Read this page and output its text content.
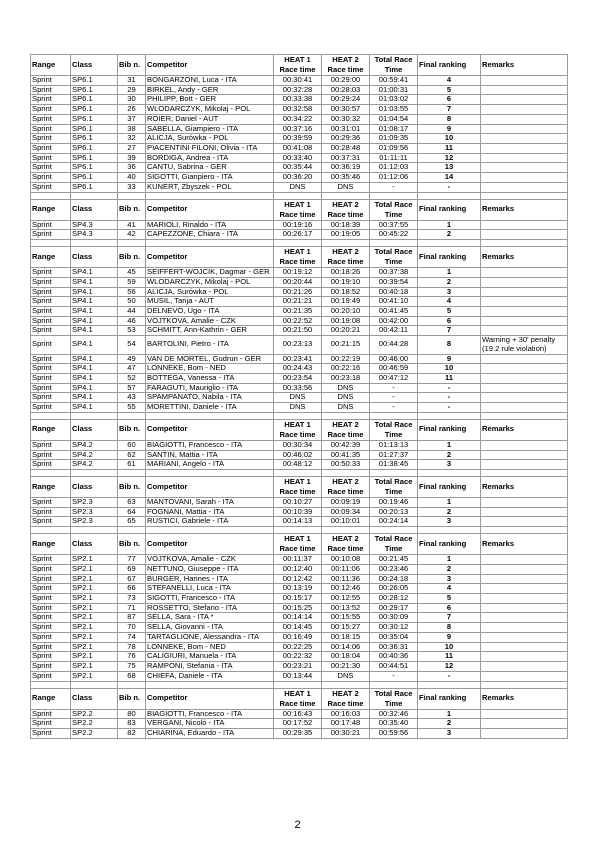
Range	Class	Bib n.	Competitor	HEAT 1 Race time	HEAT 2 Race time	Total Race Time	Final ranking	Remarks
Sprint	SP6.1	31	BONGARZONI, Luca - ITA	00:30:41	00:29:00	00:59:41	4	
Sprint	SP6.1	29	BIRKEL, Andy - GER	00:32:28	00:28:03	01:00:31	5	
Sprint	SP6.1	30	PHILIPP, Bott - GER	00:33:38	00:29:24	01:03:02	6	
Sprint	SP6.1	26	WLODARCZYK, Mikolaj - POL	00:32:58	00:30:57	01:03:55	7	
Sprint	SP6.1	37	ROIER, Daniel - AUT	00:34:22	00:30:32	01:04:54	8	
Sprint	SP6.1	38	SABELLA, Giampiero - ITA	00:37:16	00:31:01	01:08:17	9	
Sprint	SP6.1	32	ALICJA, Surówka - POL	00:39:59	00:29:36	01:09:35	10	
Sprint	SP6.1	27	PIACENTINI FILONI, Olivia - ITA	00:41:08	00:28:48	01:09:56	11	
Sprint	SP6.1	39	BORDIGA, Andrea - ITA	00:33:40	00:37:31	01:11:11	12	
Sprint	SP6.1	36	CANTU, Sabrina - GER	00:35:44	00:36:19	01:12:03	13	
Sprint	SP6.1	40	SIGOTTI, Gianpiero - ITA	00:36:20	00:35:46	01:12:06	14	
Sprint	SP6.1	33	KUNERT, Zbyszek - POL	DNS	DNS	-	-	

Range	Class	Bib n.	Competitor	HEAT 1 Race time	HEAT 2 Race time	Total Race Time	Final ranking	Remarks
Sprint	SP4.3	41	MARIOLI, Rinaldo - ITA	00:19:16	00:18:39	00:37:55	1	
Sprint	SP4.3	42	CAPEZZONE, Chiara - ITA	00:26:17	00:19:05	00:45:22	2	

Range	Class	Bib n.	Competitor	HEAT 1 Race time	HEAT 2 Race time	Total Race Time	Final ranking	Remarks
Sprint	SP4.1	45	SEIFFERT-WOJCIK, Dagmar - GER	00:19:12	00:18:26	00:37:38	1	
Sprint	SP4.1	59	WLODARCZYK, Mikolaj - POL	00:20:44	00:19:10	00:39:54	2	
Sprint	SP4.1	56	ALICJA, Surówka - POL	00:21:26	00:18:52	00:40:18	3	
Sprint	SP4.1	50	MUSIL, Tanja - AUT	00:21:21	00:19:49	00:41:10	4	
Sprint	SP4.1	44	DELNEVO, Ugo - ITA	00:21:35	00:20:10	00:41:45	5	
Sprint	SP4.1	46	VOJTKOVA, Amalie - CZK	00:22:52	00:19:08	00:42:00	6	
Sprint	SP4.1	53	SCHMITT, Ann-Kathrin - GER	00:21:50	00:20:21	00:42:11	7	
Sprint	SP4.1	54	BARTOLINI, Pietro - ITA	00:23:13	00:21:15	00:44:28	8	Warning + 30' penalty (19.2 rule violation)
Sprint	SP4.1	49	VAN DE MORTEL, Gudrun - GER	00:23:41	00:22:19	00:46:00	9	
Sprint	SP4.1	47	LONNEKE, Bom - NED	00:24:43	00:22:16	00:46:59	10	
Sprint	SP4.1	52	BOTTEGA, Vanessa - ITA	00:23:54	00:23:18	00:47:12	11	
Sprint	SP4.1	57	FARAGUTI, Mauriglio - ITA	00:33:56	DNS	-	-	
Sprint	SP4.1	43	SPAMPANATO, Nabila - ITA	DNS	DNS	-	-	
Sprint	SP4.1	55	MORETTINI, Daniele - ITA	DNS	DNS	-	-	

Range	Class	Bib n.	Competitor	HEAT 1 Race time	HEAT 2 Race time	Total Race Time	Final ranking	Remarks
Sprint	SP4.2	60	BIAGIOTTI, Francesco - ITA	00:30:34	00:42:39	01:13:13	1	
Sprint	SP4.2	62	SANTIN, Mattia - ITA	00:46:02	00:41:35	01:27:37	2	
Sprint	SP4.2	61	MARIANI, Angelo - ITA	00:48:12	00:50:33	01:38:45	3	

Range	Class	Bib n.	Competitor	HEAT 1 Race time	HEAT 2 Race time	Total Race Time	Final ranking	Remarks
Sprint	SP2.3	63	MANTOVANI, Sarah - ITA	00:10:27	00:09:19	00:19:46	1	
Sprint	SP2.3	64	FOGNANI, Mattia - ITA	00:10:39	00:09:34	00:20:13	2	
Sprint	SP2.3	65	RUSTICI, Gabriele - ITA	00:14:13	00:10:01	00:24:14	3	

Range	Class	Bib n.	Competitor	HEAT 1 Race time	HEAT 2 Race time	Total Race Time	Final ranking	Remarks
Sprint	SP2.1	77	VOJTKOVA, Amalie - CZK	00:11:37	00:10:08	00:21:45	1	
Sprint	SP2.1	69	NETTUNO, Giuseppe - ITA	00:12:40	00:11:06	00:23:46	2	
Sprint	SP2.1	67	BURGER, Hannes - ITA	00:12:42	00:11:36	00:24:18	3	
Sprint	SP2.1	66	STEFANELLI, Luca - ITA	00:13:19	00:12:46	00:26:05	4	
Sprint	SP2.1	73	SIGOTTI, Francesco - ITA	00:15:17	00:12:55	00:28:12	5	
Sprint	SP2.1	71	ROSSETTO, Stefano - ITA	00:15:25	00:13:52	00:29:17	6	
Sprint	SP2.1	87	SELLA, Sara - ITA *	00:14:14	00:15:55	00:30:09	7	
Sprint	SP2.1	70	SELLA, Giovanni - ITA	00:14:45	00:15:27	00:30:12	8	
Sprint	SP2.1	74	TARTAGLIONE, Alessandra - ITA	00:16:49	00:18:15	00:35:04	9	
Sprint	SP2.1	78	LONNEKE, Bom - NED	00:22:25	00:14:06	00:36:31	10	
Sprint	SP2.1	76	CALIGIURI, Manuela - ITA	00:22:32	00:18:04	00:40:36	11	
Sprint	SP2.1	75	RAMPONI, Stefania - ITA	00:23:21	00:21:30	00:44:51	12	
Sprint	SP2.1	68	CHIEFA, Daniele - ITA	00:13:44	DNS	-	-	

Range	Class	Bib n.	Competitor	HEAT 1 Race time	HEAT 2 Race time	Total Race Time	Final ranking	Remarks
Sprint	SP2.2	80	BIAGIOTTI, Francesco - ITA	00:16:43	00:16:03	00:32:46	1	
Sprint	SP2.2	83	VERGANI, Nicolò - ITA	00:17:52	00:17:48	00:35:40	2	
Sprint	SP2.2	82	CHIARINA, Eduardo - ITA	00:29:35	00:30:21	00:59:56	3	
2
